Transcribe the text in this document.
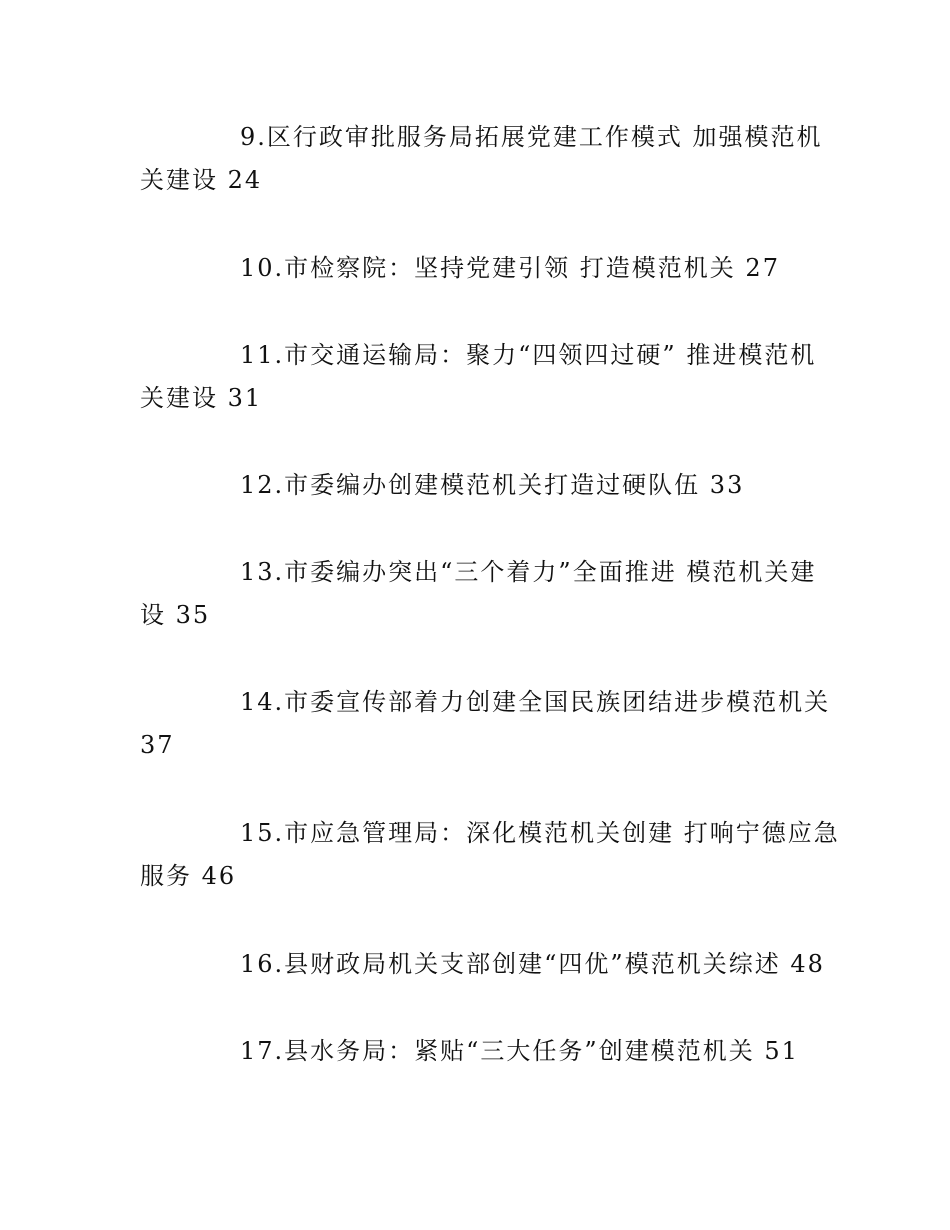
9.区行政审批服务局拓展党建工作模式 加强模范机
关建设 24
10.市检察院：坚持党建引领 打造模范机关 27
11.市交通运输局：聚力“四领四过硬” 推进模范机
关建设 31
12.市委编办创建模范机关打造过硬队伍 33
13.市委编办突出“三个着力”全面推进 模范机关建
设 35
14.市委宣传部着力创建全国民族团结进步模范机关
37
15.市应急管理局：深化模范机关创建 打响宁德应急
服务 46
16.县财政局机关支部创建“四优”模范机关综述 48
17.县水务局：紧贴“三大任务”创建模范机关 51
